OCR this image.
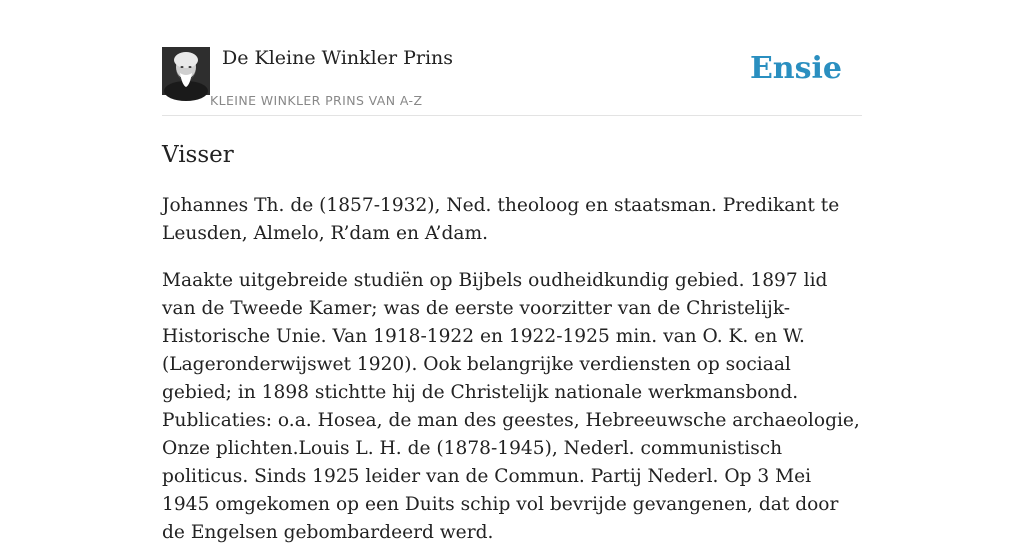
De Kleine Winkler Prins
KLEINE WINKLER PRINS VAN A-Z
Ensie
Visser

Johannes Th. de (1857-1932), Ned. theoloog en staatsman. Predikant te Leusden, Almelo, R’dam en A’dam.

Maakte uitgebreide studiën op Bijbels oudheidkundig gebied. 1897 lid van de Tweede Kamer; was de eerste voorzitter van de Christelijk-Historische Unie. Van 1918-1922 en 1922-1925 min. van O. K. en W. (Lageronderwijswet 1920). Ook belangrijke verdiensten op sociaal gebied; in 1898 stichtte hij de Christelijk nationale werkmansbond. Publicaties: o.a. Hosea, de man des geestes, Hebreeuwsche archaeologie, Onze plichten.Louis L. H. de (1878-1945), Nederl. communistisch politicus. Sinds 1925 leider van de Commun. Partij Nederl. Op 3 Mei 1945 omgekomen op een Duits schip vol bevrijde gevangenen, dat door de Engelsen gebombardeerd werd.
